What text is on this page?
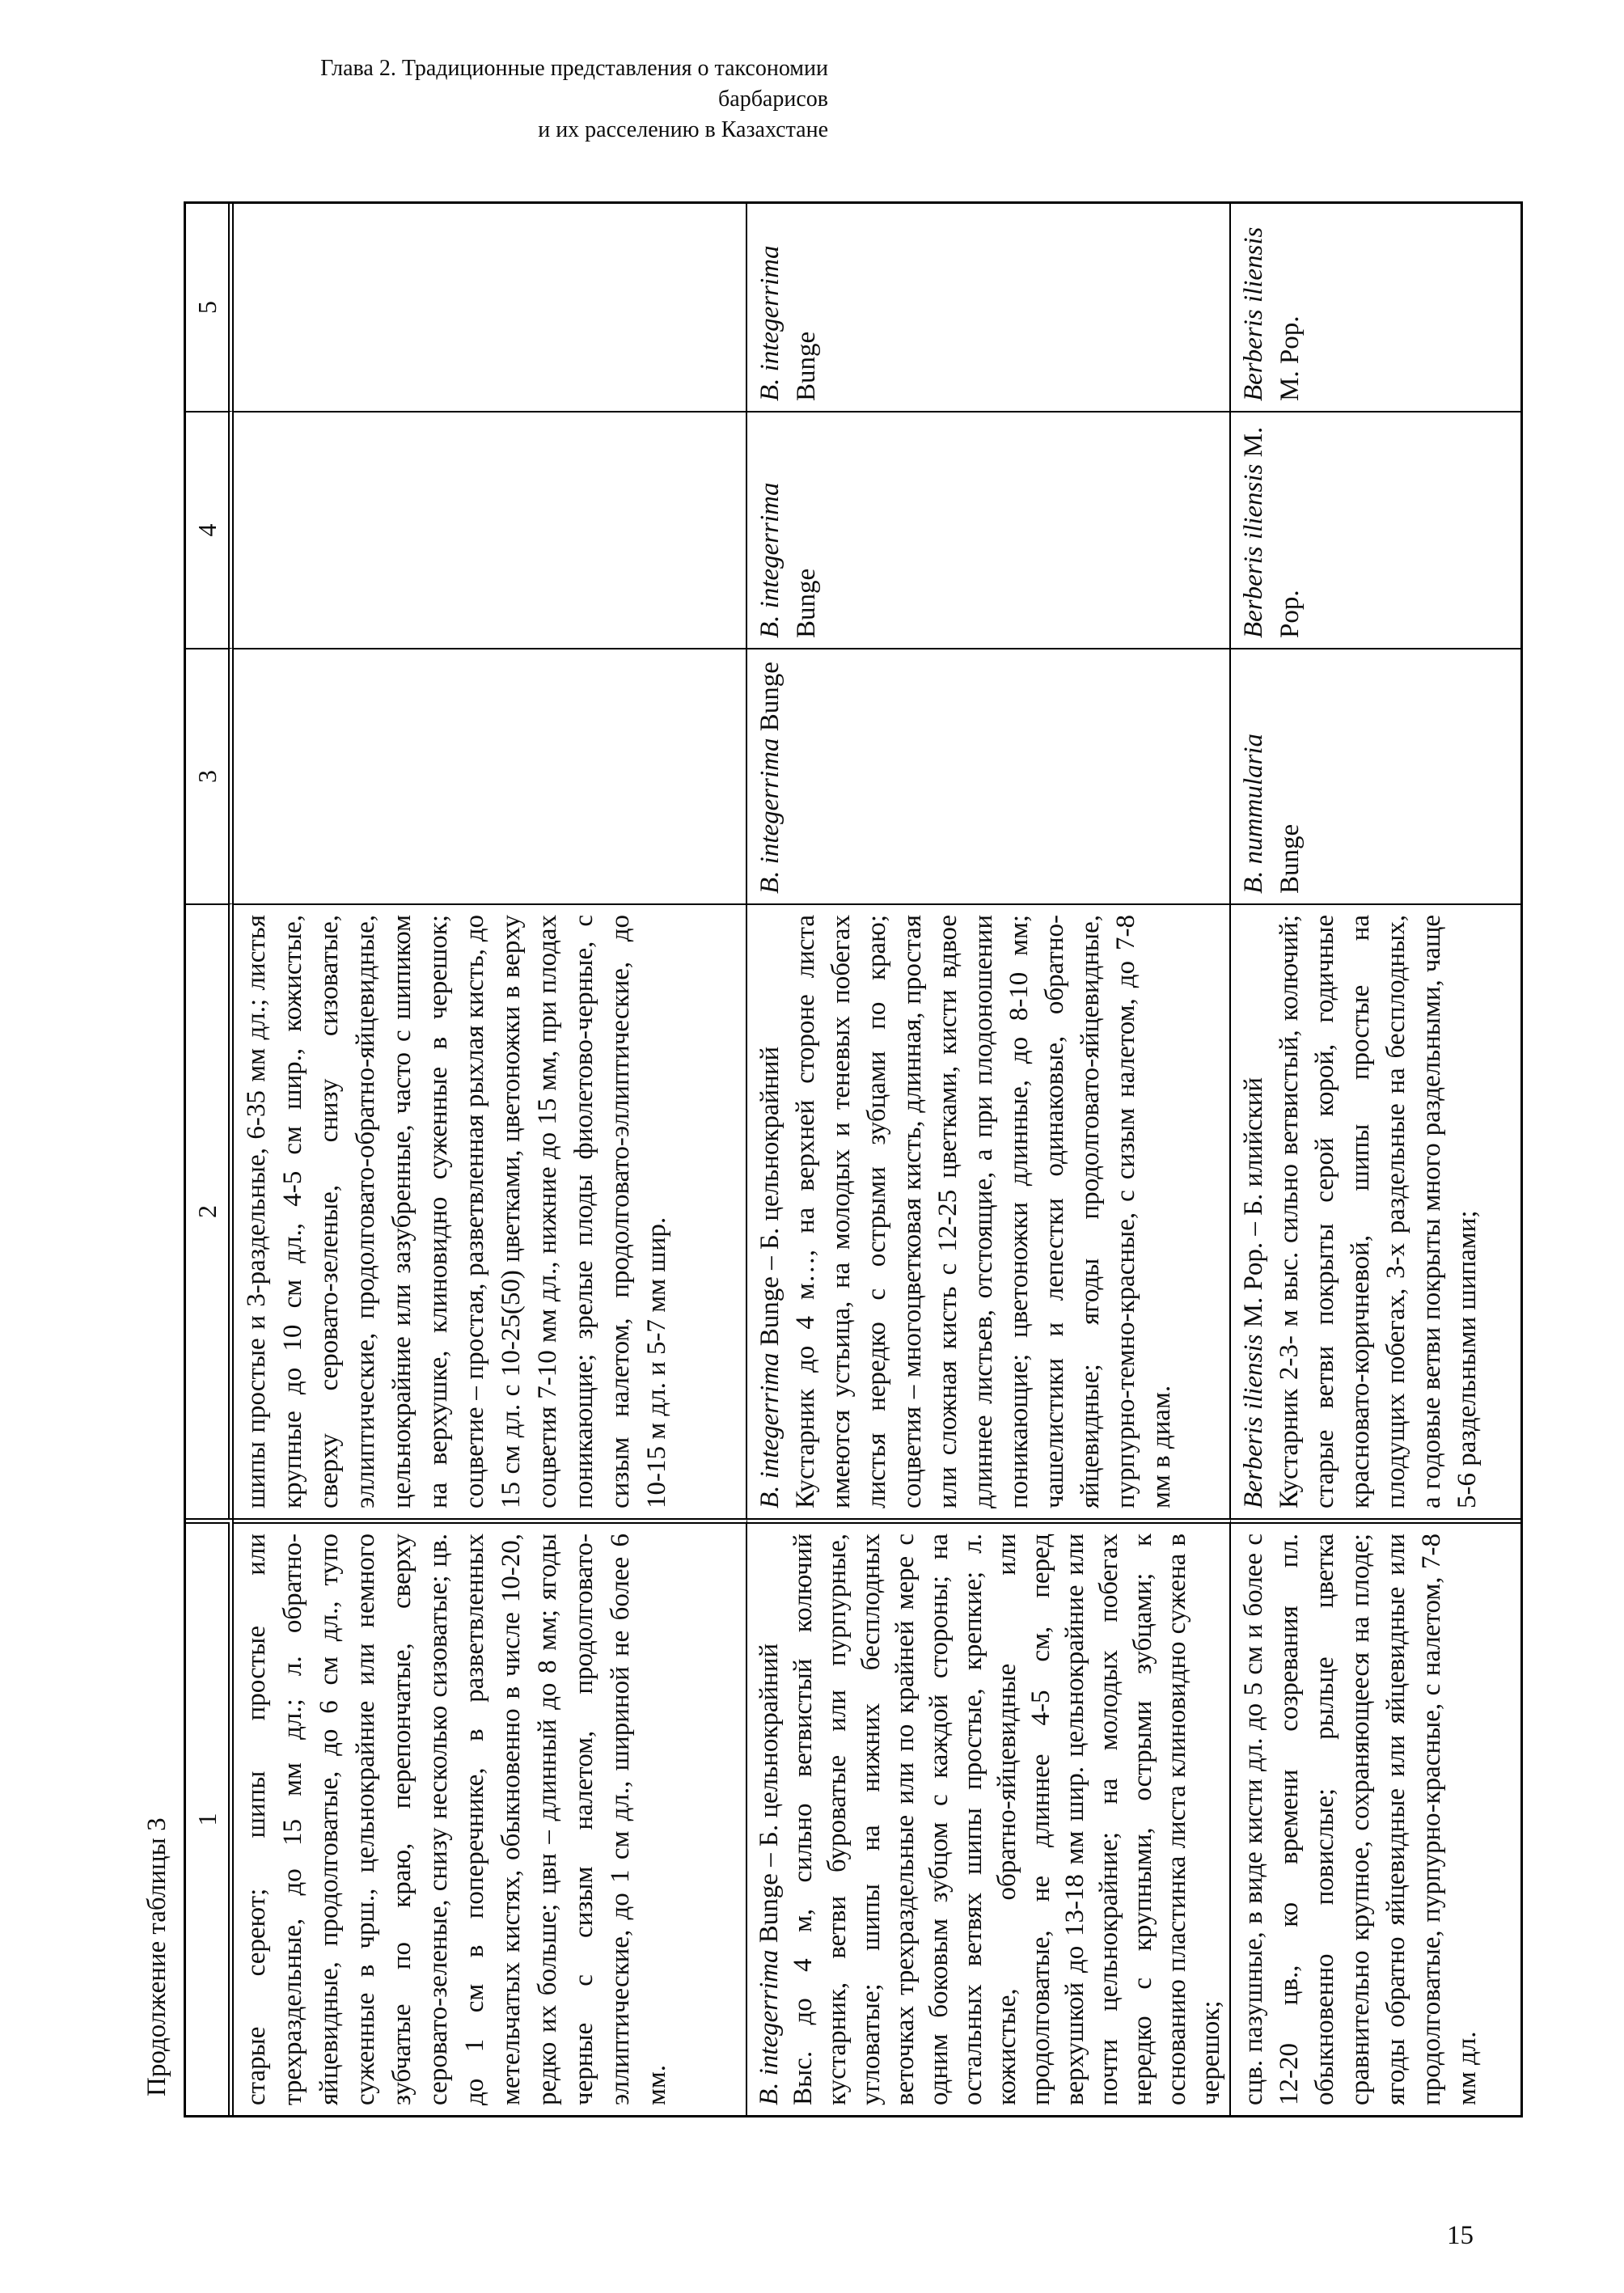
Глава 2. Традиционные представления о таксономии барбарисов
и их расселению в Казахстане
Продолжение таблицы 3 1
2
3
4
5
старые сереют; шипы простые или трехраздельные, до 15 мм дл.; л. обратно-яйцевидные, продолговатые, до 6 см дл., тупо суженные в чрш., цельнокрайние или немного зубчатые по краю, перепончатые, сверху серовато-зеленые, снизу несколько сизоватые; цв. до 1 см в поперечнике, в разветвленных метельчатых кистях, обыкновенно в числе 10-20, редко их больше; цвн – длинный до 8 мм; ягоды черные с сизым налетом, продолговато-эллиптические, до 1 см дл., шириной не более 6 мм.
шипы простые и 3-раздельные, 6-35 мм дл.; листья крупные до 10 см дл., 4-5 см шир., кожистые, сверху серовато-зеленые, снизу сизоватые, эллиптические, продолговато-обратно-яйцевидные, цельнокрайние или зазубренные, часто с шипиком на верхушке, клиновидно суженные в черешок; соцветие – простая, разветвленная рыхлая кисть, до 15 см дл. с 10-25(50) цветками, цветоножки в верху соцветия 7-10 мм дл., нижние до 15 мм, при плодах поникающие; зрелые плоды фиолетово-черные, с сизым налетом, продолговато-эллиптические, до 10-15 м дл. и 5-7 мм шир.
B. integerrima Bunge – Б. цельнокрайний Выс. до 4 м, сильно ветвистый колючий кустарник, ветви буроватые или пурпурные, угловатые; шипы на нижних бесплодных веточках трехраздельные или по крайней мере с одним боковым зубцом с каждой стороны; на остальных ветвях шипы простые, крепкие; л. кожистые, обратно-яйцевидные или продолговатые, не длиннее 4-5 см, перед верхушкой до 13-18 мм шир. цельнокрайние или почти цельнокрайние; на молодых побегах нередко с крупными, острыми зубцами; к основанию пластинка листа клиновидно сужена в черешок;
B. integerrima Bunge – Б. цельнокрайний Кустарник до 4 м…, на верхней стороне листа имеются устьица, на молодых и теневых побегах листья нередко с острыми зубцами по краю; соцветия – многоцветковая кисть, длинная, простая или сложная кисть с 12-25 цветками, кисти вдвое длиннее листьев, отстоящие, а при плодоношении поникающие; цветоножки длинные, до 8-10 мм; чашелистики и лепестки одинаковые, обратно-яйцевидные; ягоды продолговато-яйцевидные, пурпурно-темно-красные, с сизым налетом, до 7-8 мм в диам.
B. integerrima Bunge
B. integerrima Bunge
B. integerrima Bunge
сцв. пазушные, в виде кисти дл. до 5 см и более с 12-20 цв., ко времени созревания пл. обыкновенно повислые; рыльце цветка сравнительно крупное, сохраняющееся на плоде; ягоды обратно яйцевидные или яйцевидные или продолговатые, пурпурно-красные, с налетом, 7-8 мм дл.
Berberis iliensis M. Pop. – Б. илийский Кустарник 2-3- м выс. сильно ветвистый, колючий; старые ветви покрыты серой корой, годичные красновато-коричневой, шипы простые на плодущих побегах, 3-х раздельные на бесплодных, а годовые ветви покрыты много раздельными, чаще 5-6 раздельными шипами;
B. nummularia Bunge
Berberis iliensis M. Pop.
Berberis iliensis M. Pop.
15
